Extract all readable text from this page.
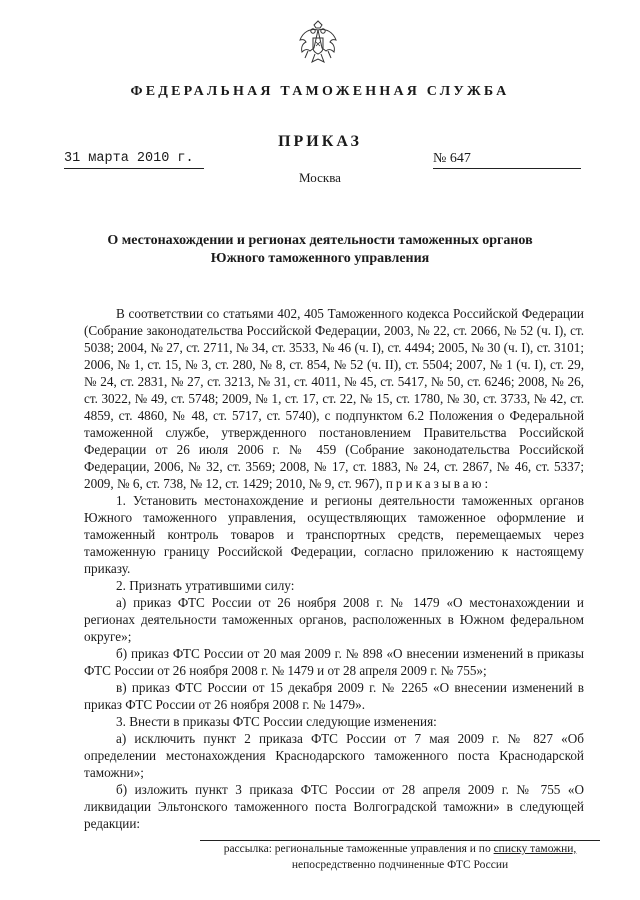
ФЕДЕРАЛЬНАЯ ТАМОЖЕННАЯ СЛУЖБА
ПРИКАЗ
31 марта 2010 г.	№ 647
Москва
О местонахождении и регионах деятельности таможенных органов
Южного таможенного управления

В соответствии со статьями 402, 405 Таможенного кодекса Российской Федерации (Собрание законодательства Российской Федерации, 2003, № 22, ст. 2066, № 52 (ч. I), ст. 5038; 2004, № 27, ст. 2711, № 34, ст. 3533, № 46 (ч. I), ст. 4494; 2005, № 30 (ч. I), ст. 3101; 2006, № 1, ст. 15, № 3, ст. 280, № 8, ст. 854, № 52 (ч. II), ст. 5504; 2007, № 1 (ч. I), ст. 29, № 24, ст. 2831, № 27, ст. 3213, № 31, ст. 4011, № 45, ст. 5417, № 50, ст. 6246; 2008, № 26, ст. 3022, № 49, ст. 5748; 2009, № 1, ст. 17, ст. 22, № 15, ст. 1780, № 30, ст. 3733, № 42, ст. 4859, ст. 4860, № 48, ст. 5717, ст. 5740), с подпунктом 6.2 Положения о Федеральной таможенной службе, утвержденного постановлением Правительства Российской Федерации от 26 июля 2006 г. № 459 (Собрание законодательства Российской Федерации, 2006, № 32, ст. 3569; 2008, № 17, ст. 1883, № 24, ст. 2867, № 46, ст. 5337; 2009, № 6, ст. 738, № 12, ст. 1429; 2010, № 9, ст. 967), приказываю:

1. Установить местонахождение и регионы деятельности таможенных органов Южного таможенного управления, осуществляющих таможенное оформление и таможенный контроль товаров и транспортных средств, перемещаемых через таможенную границу Российской Федерации, согласно приложению к настоящему приказу.

2. Признать утратившими силу:

а) приказ ФТС России от 26 ноября 2008 г. № 1479 «О местонахождении и регионах деятельности таможенных органов, расположенных в Южном федеральном округе»;

б) приказ ФТС России от 20 мая 2009 г. № 898 «О внесении изменений в приказы ФТС России от 26 ноября 2008 г. № 1479 и от 28 апреля 2009 г. № 755»;

в) приказ ФТС России от 15 декабря 2009 г. № 2265 «О внесении изменений в приказ ФТС России от 26 ноября 2008 г. № 1479».

3. Внести в приказы ФТС России следующие изменения:

а) исключить пункт 2 приказа ФТС России от 7 мая 2009 г. № 827 «Об определении местонахождения Краснодарского таможенного поста Краснодарской таможни»;

б) изложить пункт 3 приказа ФТС России от 28 апреля 2009 г. № 755 «О ликвидации Эльтонского таможенного поста Волгоградской таможни» в следующей редакции:

рассылка: региональные таможенные управления и по списку таможни,
непосредственно подчиненные ФТС России
